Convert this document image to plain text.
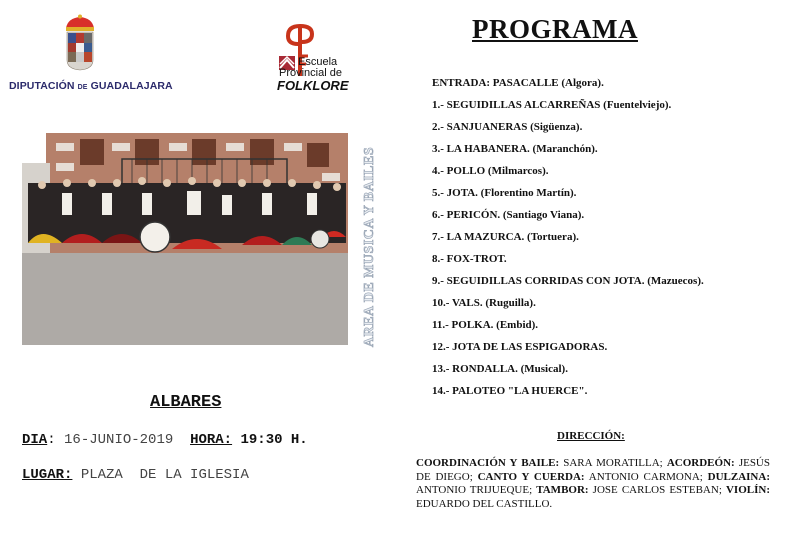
DIPUTACIÓN DE GUADALAJARA
Escuela
Provincial de
FOLKLORE
AREA DE MUSICA Y BAILES
ALBARES
DIA: 16-JUNIO-2019 HORA: 19:30 H.
LUGAR: PLAZA  DE LA IGLESIA
PROGRAMA
ENTRADA: PASACALLE (Algora).
1.- SEGUIDILLAS ALCARREÑAS (Fuentelviejo).
2.- SANJUANERAS (Sigüenza).
3.- LA HABANERA. (Maranchón).
4.- POLLO (Milmarcos).
5.- JOTA. (Florentino Martín).
6.- PERICÓN. (Santiago Viana).
7.- LA MAZURCA. (Tortuera).
8.- FOX-TROT.
9.- SEGUIDILLAS CORRIDAS CON JOTA. (Mazuecos).
10.- VALS. (Ruguilla).
11.- POLKA. (Embid).
12.- JOTA DE LAS ESPIGADORAS.
13.- RONDALLA. (Musical).
14.- PALOTEO "LA HUERCE".
DIRECCIÓN:
COORDINACIÓN Y BAILE: SARA MORATILLA; ACORDEÓN: JESÚS DE DIEGO; CANTO Y CUERDA: ANTONIO CARMONA; DULZAINA: ANTONIO TRIJUEQUE; TAMBOR: JOSE CARLOS ESTEBAN; VIOLÍN: EDUARDO DEL CASTILLO.
